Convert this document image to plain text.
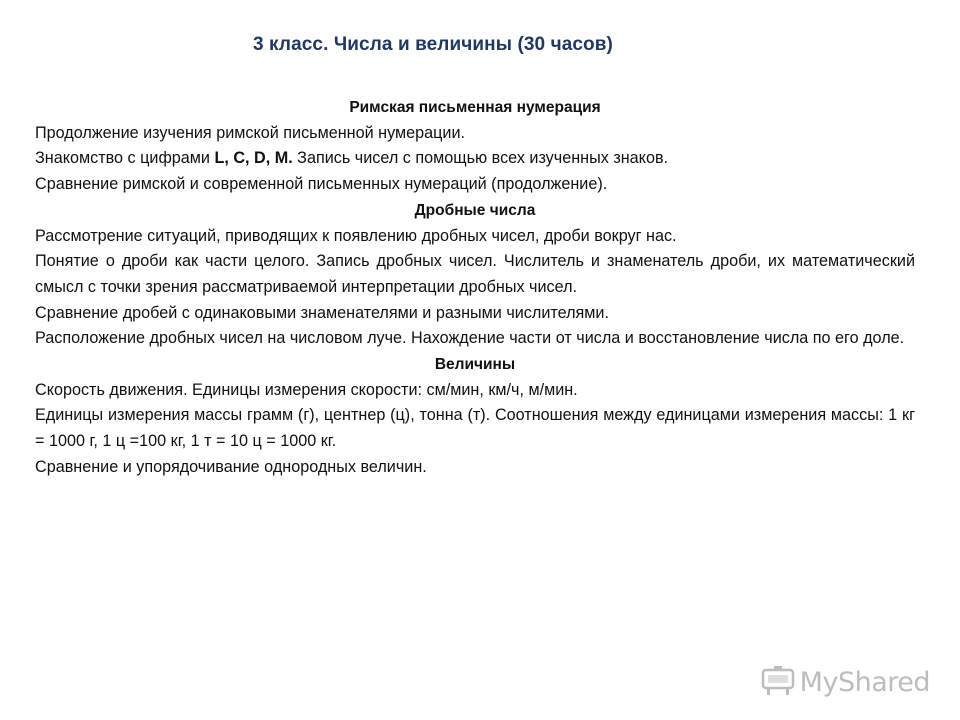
3 класс. Числа и величины (30 часов)

Римская письменная нумерация

Продолжение изучения римской письменной нумерации.

Знакомство с цифрами L, C, D, M. Запись чисел с помощью всех изученных знаков.

Сравнение римской и современной письменных нумераций (продолжение).

Дробные числа

Рассмотрение ситуаций, приводящих к появлению дробных чисел, дроби вокруг нас.

Понятие о дроби как части целого. Запись дробных чисел. Числитель и знаменатель дроби, их математический смысл с точки зрения рассматриваемой интерпретации дробных чисел.

Сравнение дробей с одинаковыми знаменателями и разными числителями.

Расположение дробных чисел на числовом луче. Нахождение части от числа и восстановление числа по его доле.

Величины

Скорость движения. Единицы измерения скорости: см/мин, км/ч, м/мин.

Единицы измерения массы грамм (г), центнер (ц), тонна (т). Соотношения между единицами измерения массы: 1 кг = 1000 г, 1 ц =100 кг, 1 т = 10 ц = 1000 кг.

Сравнение и упорядочивание однородных величин.

MyShared
